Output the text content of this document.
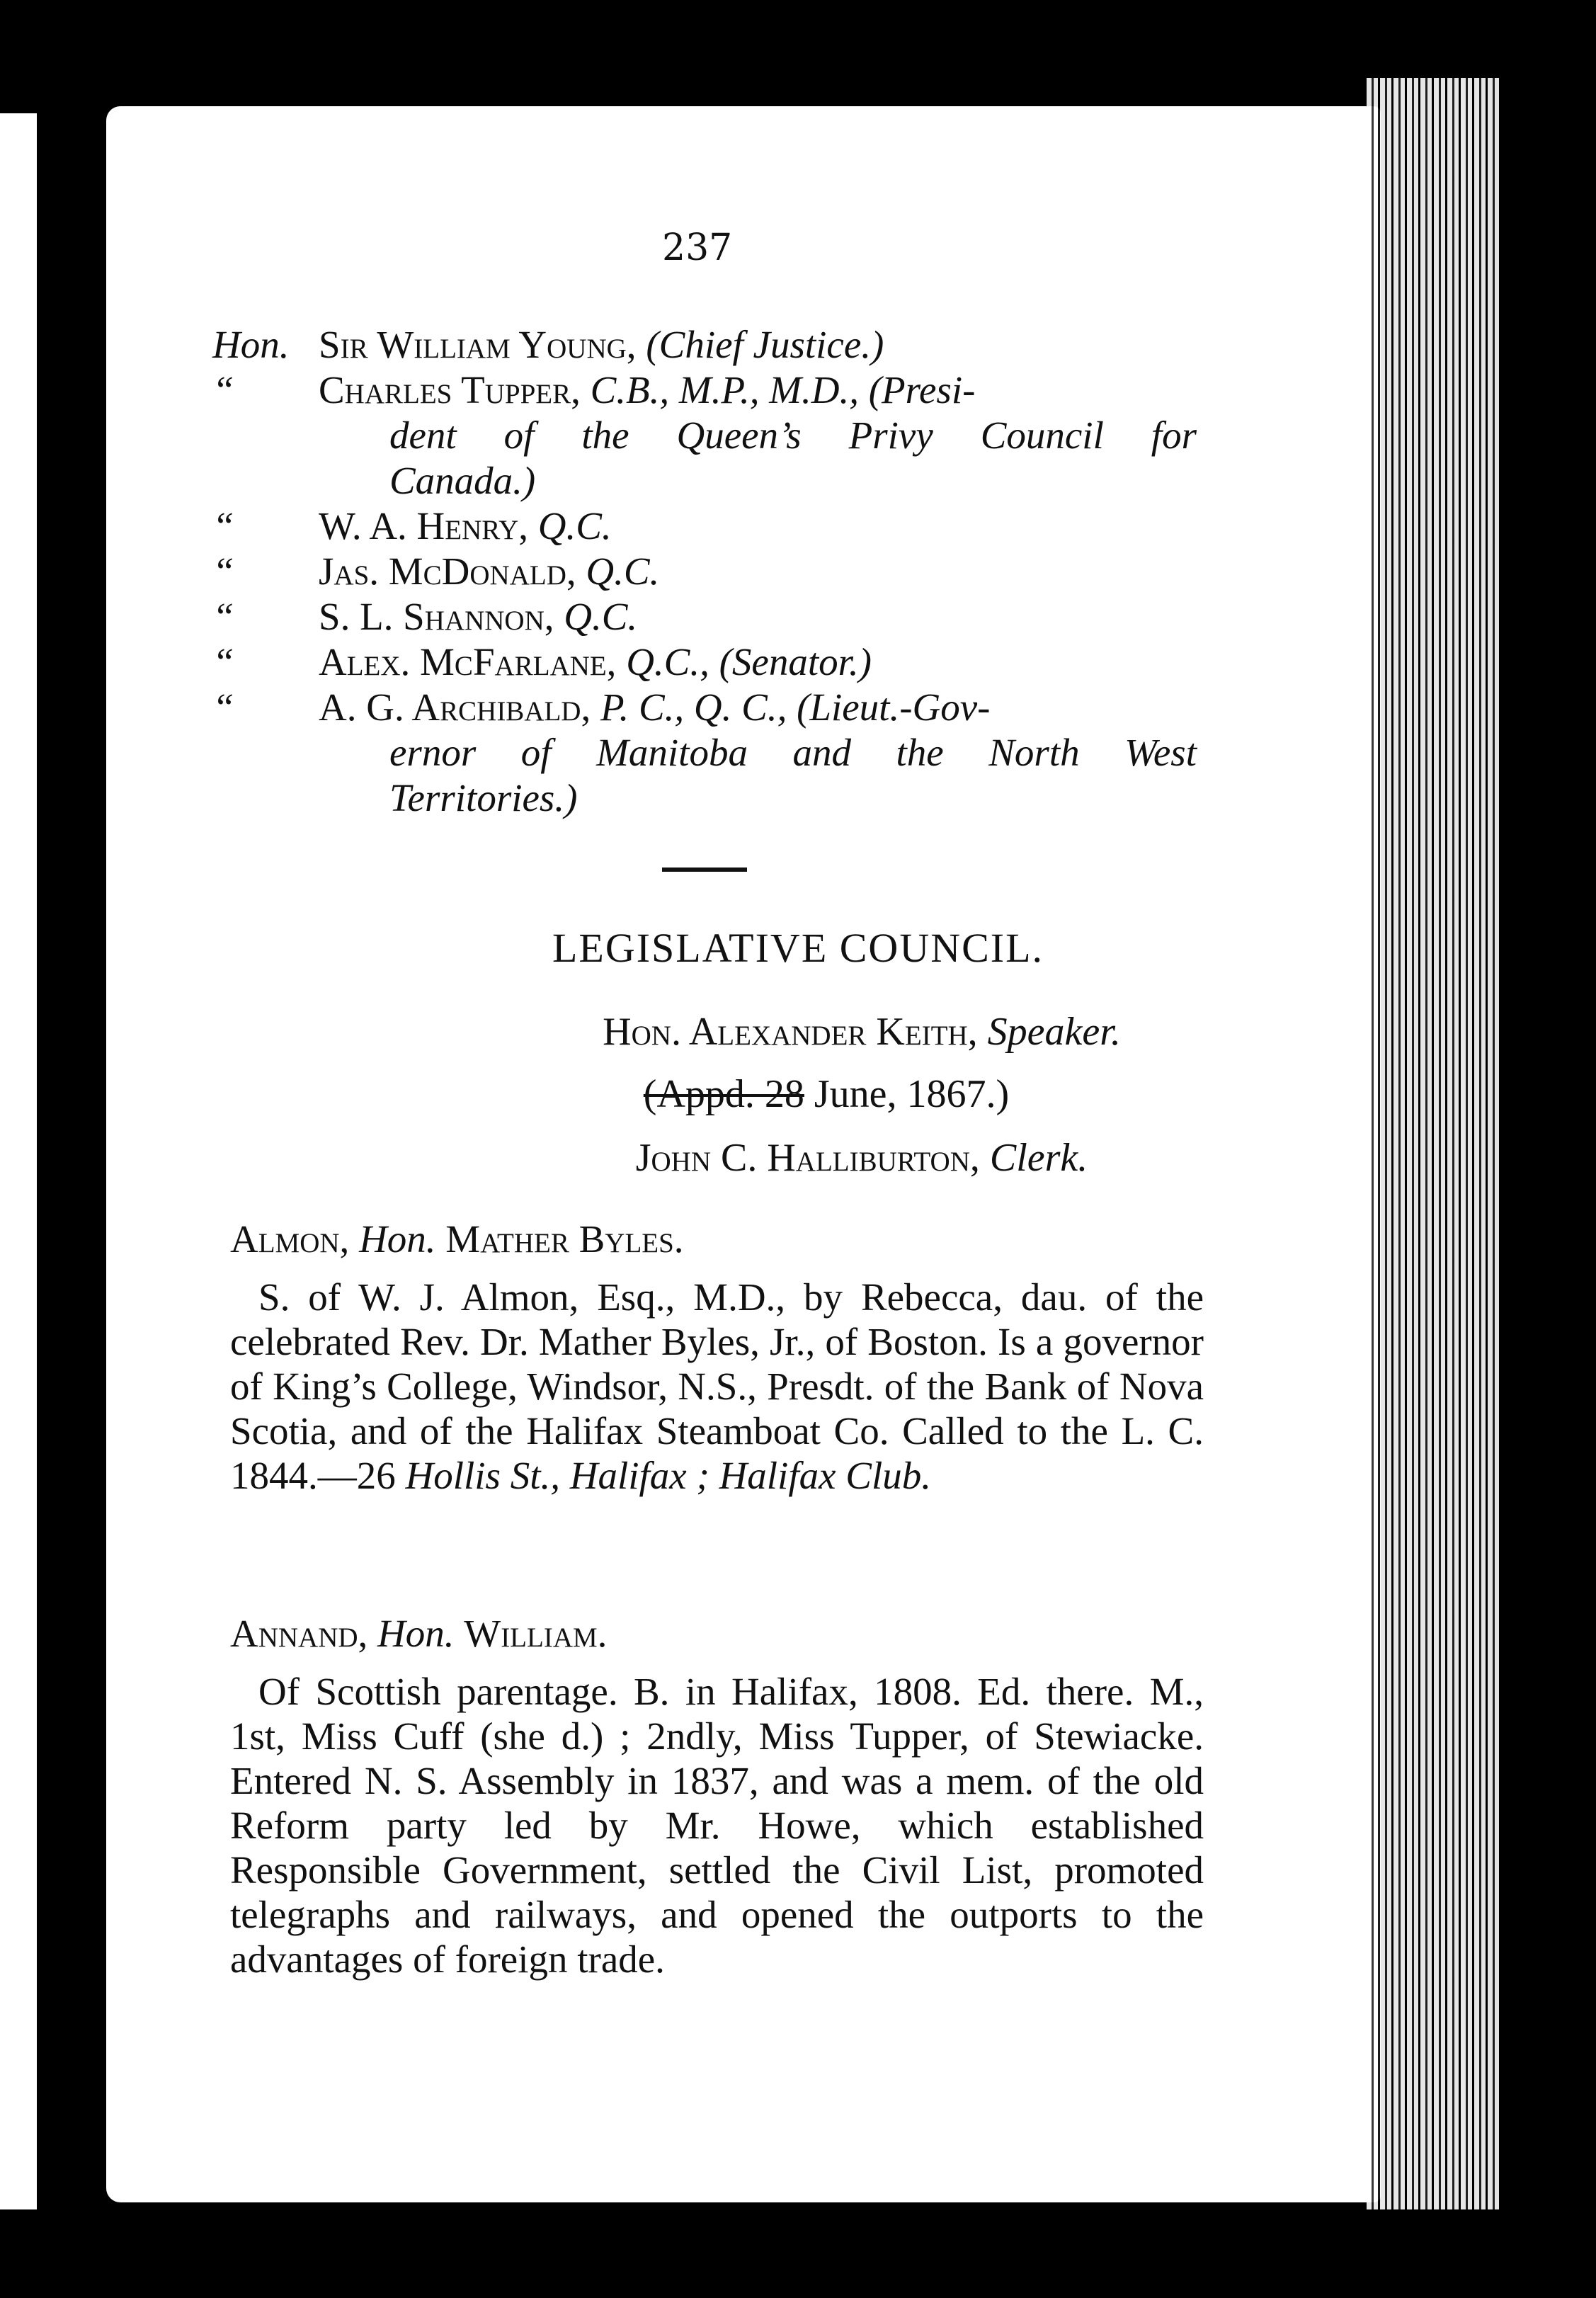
237
Hon. Sir William Young, (Chief Justice.)
“ Charles Tupper, C.B., M.P., M.D., (Presi-
dent of the Queen’s Privy Council for
Canada.)
“ W. A. Henry, Q.C.
“ Jas. McDonald, Q.C.
“ S. L. Shannon, Q.C.
“ Alex. McFarlane, Q.C., (Senator.)
“ A. G. Archibald, P. C., Q. C., (Lieut.-Gov-
ernor of Manitoba and the North West
Territories.)
LEGISLATIVE COUNCIL.
Hon. Alexander Keith, Speaker.
(Appd. 28 June, 1867.)
John C. Halliburton, Clerk.
Almon, Hon. Mather Byles.
S. of W. J. Almon, Esq., M.D., by Rebecca, dau. of the celebrated Rev. Dr. Mather Byles, Jr., of Boston. Is a governor of King’s College, Windsor, N.S., Presdt. of the Bank of Nova Scotia, and of the Halifax Steamboat Co. Called to the L. C. 1844.—26 Hollis St., Halifax ; Halifax Club.
Annand, Hon. William.
Of Scottish parentage. B. in Halifax, 1808. Ed. there. M., 1st, Miss Cuff (she d.) ; 2ndly, Miss Tupper, of Stewiacke. Entered N. S. Assembly in 1837, and was a mem. of the old Reform party led by Mr. Howe, which established Responsible Government, settled the Civil List, promoted telegraphs and railways, and opened the outports to the advantages of foreign trade.
